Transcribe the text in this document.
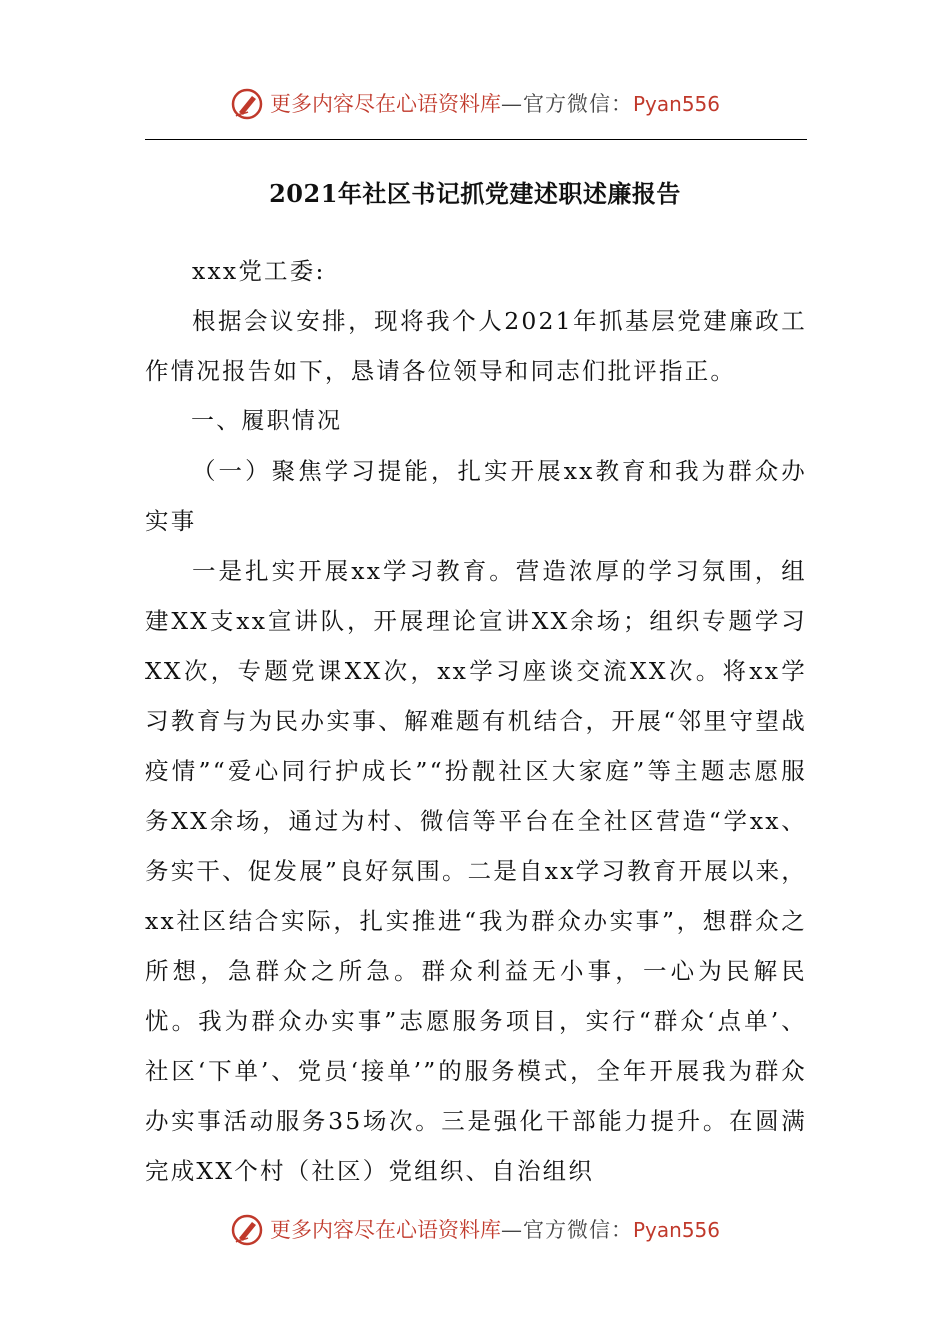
更多内容尽在心语资料库—官方微信：Pyan556
2021年社区书记抓党建述职述廉报告

xxx党工委:

根据会议安排，现将我个人2021年抓基层党建廉政工作情况报告如下，恳请各位领导和同志们批评指正。

一、履职情况

（一）聚焦学习提能，扎实开展xx教育和我为群众办实事

一是扎实开展xx学习教育。营造浓厚的学习氛围，组建XX支xx宣讲队，开展理论宣讲XX余场；组织专题学习XX次，专题党课XX次，xx学习座谈交流XX次。将xx学习教育与为民办实事、解难题有机结合，开展“邻里守望战疫情”“爱心同行护成长”“扮靓社区大家庭”等主题志愿服务XX余场，通过为村、微信等平台在全社区营造“学xx、务实干、促发展”良好氛围。二是自xx学习教育开展以来，xx社区结合实际，扎实推进“我为群众办实事”，想群众之所想，急群众之所急。群众利益无小事，一心为民解民忧。我为群众办实事”志愿服务项目，实行“群众‘点单’、社区‘下单’、党员‘接单’”的服务模式，全年开展我为群众办实事活动服务35场次。三是强化干部能力提升。在圆满完成XX个村（社区）党组织、自治组织

更多内容尽在心语资料库—官方微信：Pyan556
